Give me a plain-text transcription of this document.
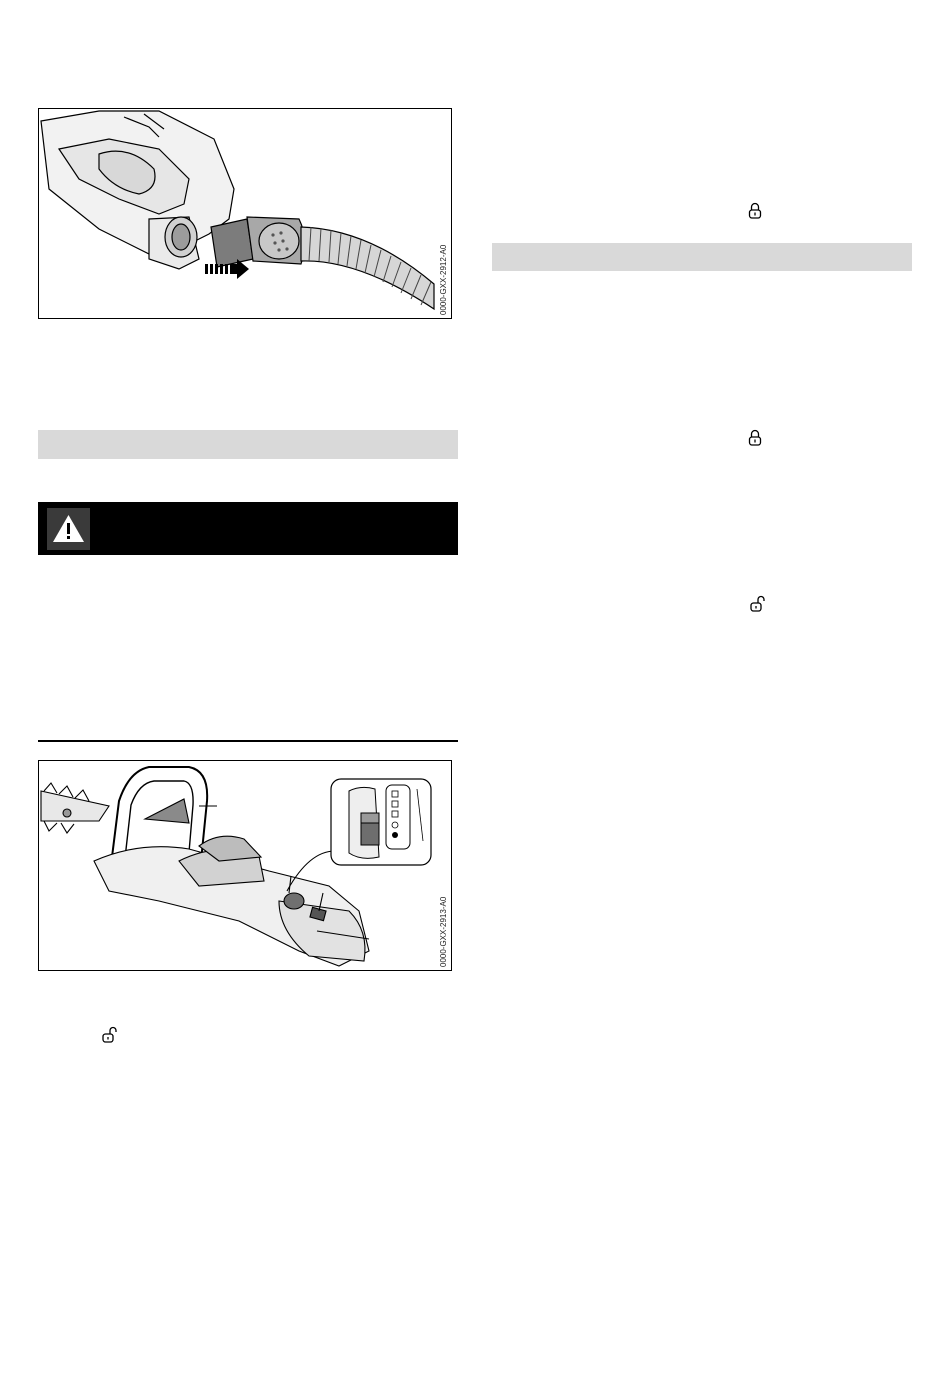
0000-GXX-2912-A0
0000-GXX-2913-A0
